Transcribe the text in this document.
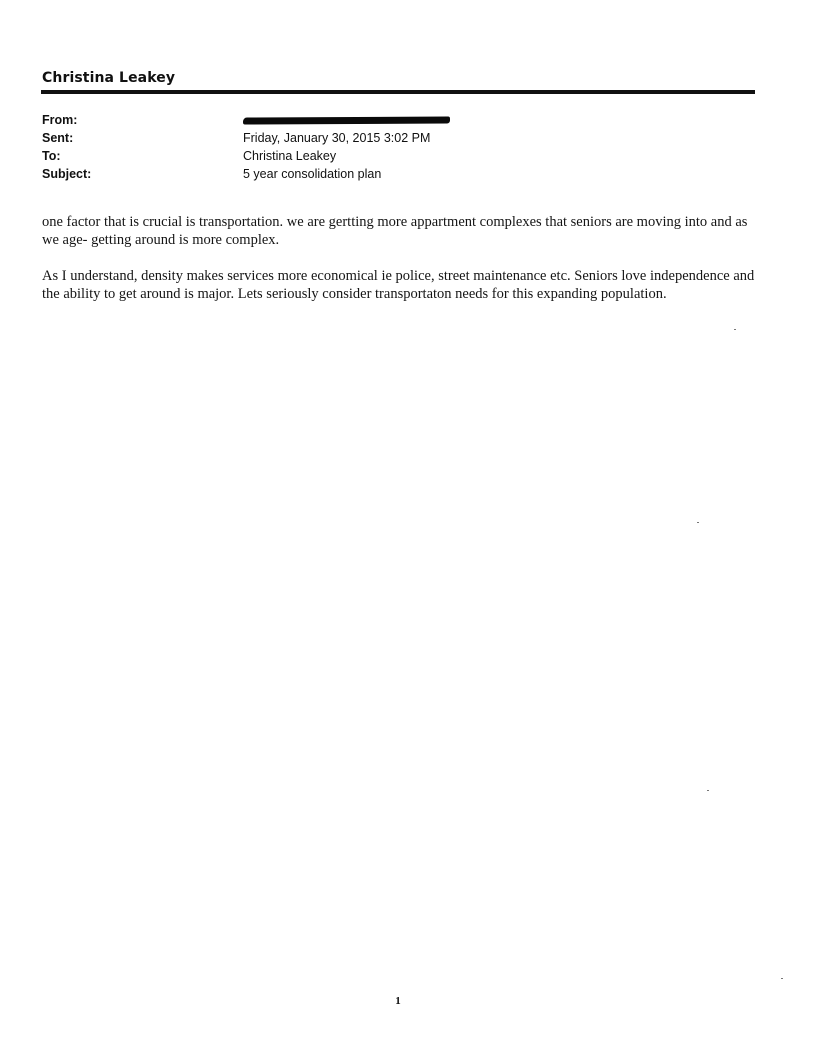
Christina Leakey
From:
Sent:	Friday, January 30, 2015 3:02 PM
To:	Christina Leakey
Subject:	5 year consolidation plan

one factor that is crucial is transportation. we are gertting more appartment complexes that seniors are moving into and as we age- getting around is more complex.

As I understand, density makes services more economical ie police, street maintenance etc. Seniors love independence and the ability to get around is major. Lets seriously consider transportaton needs for this expanding population.

1
